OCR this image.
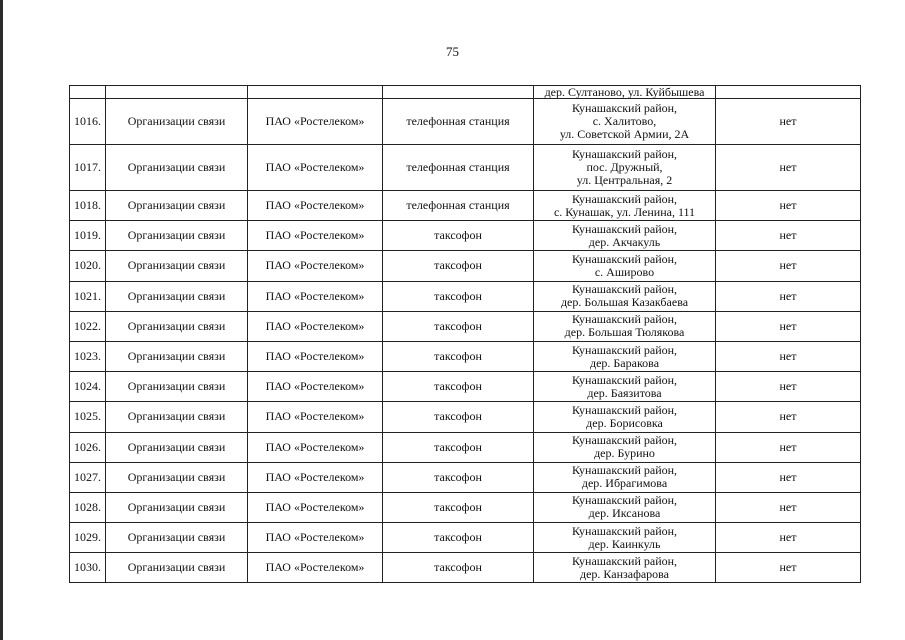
75
				дер. Султаново, ул. Куйбышева	
1016.	Организации связи	ПАО «Ростелеком»	телефонная станция	Кунашакский район,
с. Халитово,
ул. Советской Армии, 2А	нет
1017.	Организации связи	ПАО «Ростелеком»	телефонная станция	Кунашакский район,
пос. Дружный,
ул. Центральная, 2	нет
1018.	Организации связи	ПАО «Ростелеком»	телефонная станция	Кунашакский район,
с. Кунашак, ул. Ленина, 111	нет
1019.	Организации связи	ПАО «Ростелеком»	таксофон	Кунашакский район,
дер. Акчакуль	нет
1020.	Организации связи	ПАО «Ростелеком»	таксофон	Кунашакский район,
с. Ашировo	нет
1021.	Организации связи	ПАО «Ростелеком»	таксофон	Кунашакский район,
дер. Большая Казакбаева	нет
1022.	Организации связи	ПАО «Ростелеком»	таксофон	Кунашакский район,
дер. Большая Тюлякова	нет
1023.	Организации связи	ПАО «Ростелеком»	таксофон	Кунашакский район,
дер. Баракова	нет
1024.	Организации связи	ПАО «Ростелеком»	таксофон	Кунашакский район,
дер. Баязитова	нет
1025.	Организации связи	ПАО «Ростелеком»	таксофон	Кунашакский район,
дер. Борисовка	нет
1026.	Организации связи	ПАО «Ростелеком»	таксофон	Кунашакский район,
дер. Бурино	нет
1027.	Организации связи	ПАО «Ростелеком»	таксофон	Кунашакский район,
дер. Ибрагимова	нет
1028.	Организации связи	ПАО «Ростелеком»	таксофон	Кунашакский район,
дер. Иксанова	нет
1029.	Организации связи	ПАО «Ростелеком»	таксофон	Кунашакский район,
дер. Каинкуль	нет
1030.	Организации связи	ПАО «Ростелеком»	таксофон	Кунашакский район,
дер. Канзафарова	нет
